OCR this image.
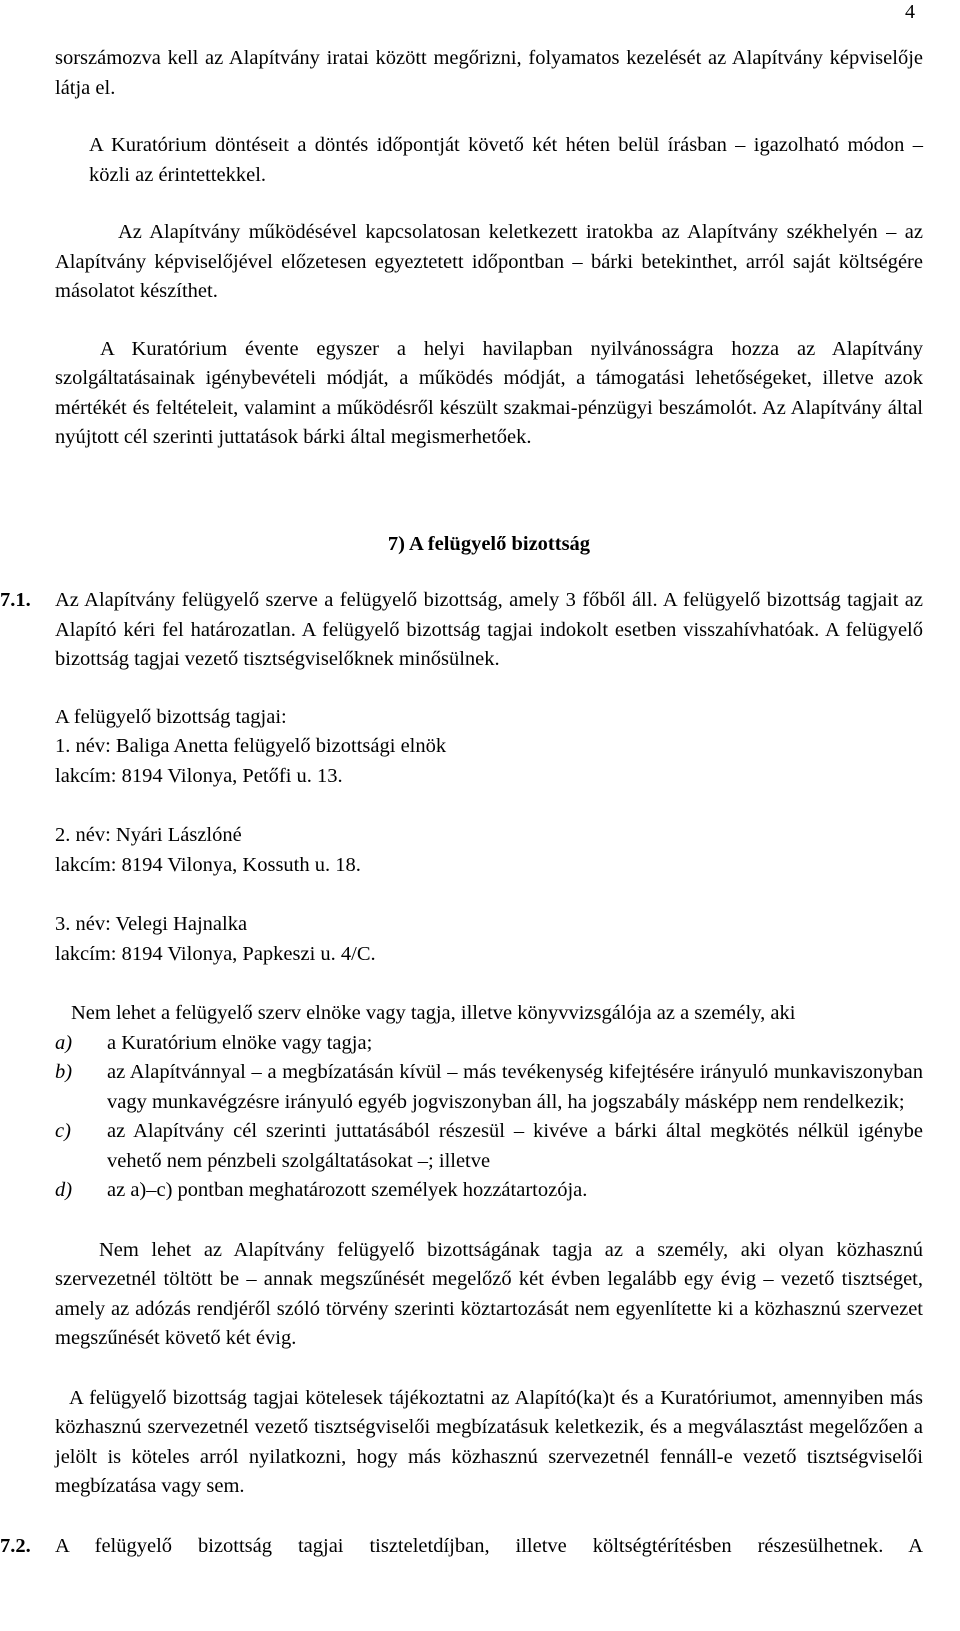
4

sorszámozva kell az Alapítvány iratai között megőrizni, folyamatos kezelését az Alapítvány képviselője látja el.

A Kuratórium döntéseit a döntés időpontját követő két héten belül írásban – igazolható módon – közli az érintettekkel.

Az Alapítvány működésével kapcsolatosan keletkezett iratokba az Alapítvány székhelyén – az Alapítvány képviselőjével előzetesen egyeztetett időpontban – bárki betekinthet, arról saját költségére másolatot készíthet.

A Kuratórium évente egyszer a helyi havilapban nyilvánosságra hozza az Alapítvány szolgáltatásainak igénybevételi módját, a működés módját, a támogatási lehetőségeket, illetve azok mértékét és feltételeit, valamint a működésről készült szakmai-pénzügyi beszámolót. Az Alapítvány által nyújtott cél szerinti juttatások bárki által megismerhetőek.

7) A felügyelő bizottság
7.1.	Az Alapítvány felügyelő szerve a felügyelő bizottság, amely 3 főből áll. A felügyelő bizottság tagjait az Alapító kéri fel határozatlan. A felügyelő bizottság tagjai indokolt esetben visszahívhatóak. A felügyelő bizottság tagjai vezető tisztségviselőknek minősülnek.

A felügyelő bizottság tagjai:

1. név: Baliga Anetta felügyelő bizottsági elnök

lakcím: 8194 Vilonya, Petőfi u. 13.

2. név: Nyári Lászlóné

lakcím: 8194 Vilonya, Kossuth u. 18.

3. név: Velegi Hajnalka

lakcím: 8194 Vilonya, Papkeszi u. 4/C.

Nem lehet a felügyelő szerv elnöke vagy tagja, illetve könyvvizsgálója az a személy, aki

a)	a Kuratórium elnöke vagy tagja;
b)	az Alapítvánnyal – a megbízatásán kívül – más tevékenység kifejtésére irányuló munkaviszonyban vagy munkavégzésre irányuló egyéb jogviszonyban áll, ha jogszabály másképp nem rendelkezik;
c)	az Alapítvány cél szerinti juttatásából részesül – kivéve a bárki által megkötés nélkül igénybe vehető nem pénzbeli szolgáltatásokat –; illetve
d)	az a)–c) pontban meghatározott személyek hozzátartozója.

Nem lehet az Alapítvány felügyelő bizottságának tagja az a személy, aki olyan közhasznú szervezetnél töltött be – annak megszűnését megelőző két évben legalább egy évig – vezető tisztséget, amely az adózás rendjéről szóló törvény szerinti köztartozását nem egyenlítette ki a közhasznú szervezet megszűnését követő két évig.

A felügyelő bizottság tagjai kötelesek tájékoztatni az Alapító(ka)t és a Kuratóriumot, amennyiben más közhasznú szervezetnél vezető tisztségviselői megbízatásuk keletkezik, és a megválasztást megelőzően a jelölt is köteles arról nyilatkozni, hogy más közhasznú szervezetnél fennáll-e vezető tisztségviselői megbízatása vagy sem.

7.2.	A felügyelő bizottság tagjai tiszteletdíjban, illetve költségtérítésben részesülhetnek. A
